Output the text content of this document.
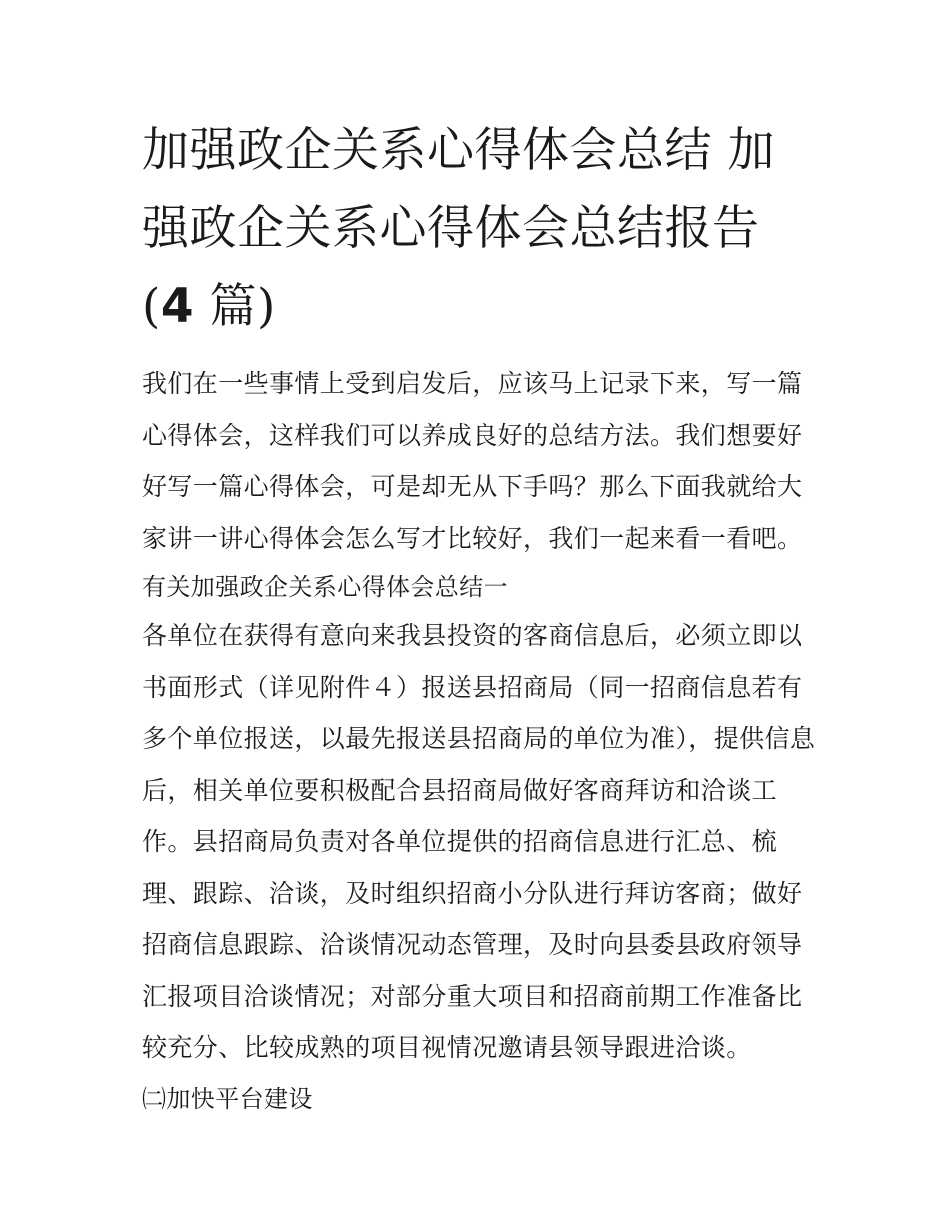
加强政企关系心得体会总结 加
强政企关系心得体会总结报告
(4 篇)

我们在一些事情上受到启发后，应该马上记录下来，写一篇心得体会，这样我们可以养成良好的总结方法。我们想要好好写一篇心得体会，可是却无从下手吗？那么下面我就给大家讲一讲心得体会怎么写才比较好，我们一起来看一看吧。

有关加强政企关系心得体会总结一

各单位在获得有意向来我县投资的客商信息后，必须立即以书面形式（详见附件４）报送县招商局（同一招商信息若有多个单位报送，以最先报送县招商局的单位为准），提供信息后，相关单位要积极配合县招商局做好客商拜访和洽谈工作。县招商局负责对各单位提供的招商信息进行汇总、梳理、跟踪、洽谈，及时组织招商小分队进行拜访客商；做好招商信息跟踪、洽谈情况动态管理，及时向县委县政府领导汇报项目洽谈情况；对部分重大项目和招商前期工作准备比较充分、比较成熟的项目视情况邀请县领导跟进洽谈。

㈡加快平台建设
